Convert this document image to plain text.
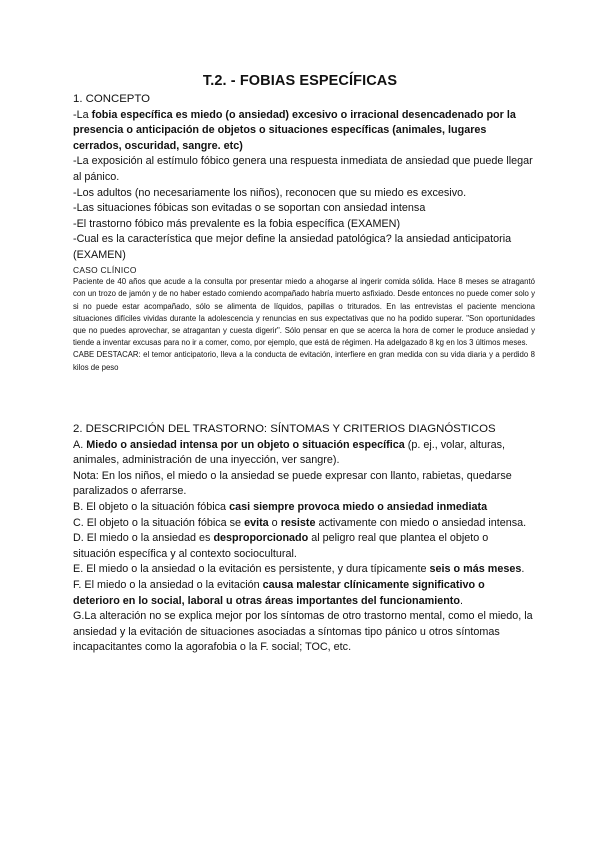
T.2. - FOBIAS ESPECÍFICAS

1. CONCEPTO

-La fobia específica es miedo (o ansiedad) excesivo o irracional desencadenado por la presencia o anticipación de objetos o situaciones específicas (animales, lugares cerrados, oscuridad, sangre. etc)

-La exposición al estímulo fóbico genera una respuesta inmediata de ansiedad que puede llegar al pánico.

-Los adultos (no necesariamente los niños), reconocen que su miedo es excesivo.

-Las situaciones fóbicas son evitadas o se soportan con ansiedad intensa

-El trastorno fóbico más prevalente es la fobia específica (EXAMEN)

-Cual es la característica que mejor define la ansiedad patológica? la ansiedad anticipatoria (EXAMEN)

CASO CLÍNICO

Paciente de 40 años que acude a la consulta por presentar miedo a ahogarse al ingerir comida sólida. Hace 8 meses se atragantó con un trozo de jamón y de no haber estado comiendo acompañado habría muerto asfixiado. Desde entonces no puede comer solo y si no puede estar acompañado, sólo se alimenta de líquidos, papillas o triturados. En las entrevistas el paciente menciona situaciones difíciles vividas durante la adolescencia y renuncias en sus expectativas que no ha podido superar. "Son oportunidades que no puedes aprovechar, se atragantan y cuesta digerir". Sólo pensar en que se acerca la hora de comer le produce ansiedad y tiende a inventar excusas para no ir a comer, como, por ejemplo, que está de régimen. Ha adelgazado 8 kg en los 3 últimos meses.

CABE DESTACAR: el temor anticipatorio, lleva a la conducta de evitación, interfiere en gran medida con su vida diaria y a perdido 8 kilos de peso

2. DESCRIPCIÓN DEL TRASTORNO: SÍNTOMAS Y CRITERIOS DIAGNÓSTICOS

A. Miedo o ansiedad intensa por un objeto o situación específica (p. ej., volar, alturas, animales, administración de una inyección, ver sangre).

Nota: En los niños, el miedo o la ansiedad se puede expresar con llanto, rabietas, quedarse paralizados o aferrarse.

B. El objeto o la situación fóbica casi siempre provoca miedo o ansiedad inmediata

C. El objeto o la situación fóbica se evita o resiste activamente con miedo o ansiedad intensa.

D. El miedo o la ansiedad es desproporcionado al peligro real que plantea el objeto o situación específica y al contexto sociocultural.

E. El miedo o la ansiedad o la evitación es persistente, y dura típicamente seis o más meses.

F. El miedo o la ansiedad o la evitación causa malestar clínicamente significativo o deterioro en lo social, laboral u otras áreas importantes del funcionamiento.

G.La alteración no se explica mejor por los síntomas de otro trastorno mental, como el miedo, la ansiedad y la evitación de situaciones asociadas a síntomas tipo pánico u otros síntomas incapacitantes como la agorafobia o la F. social; TOC, etc.
